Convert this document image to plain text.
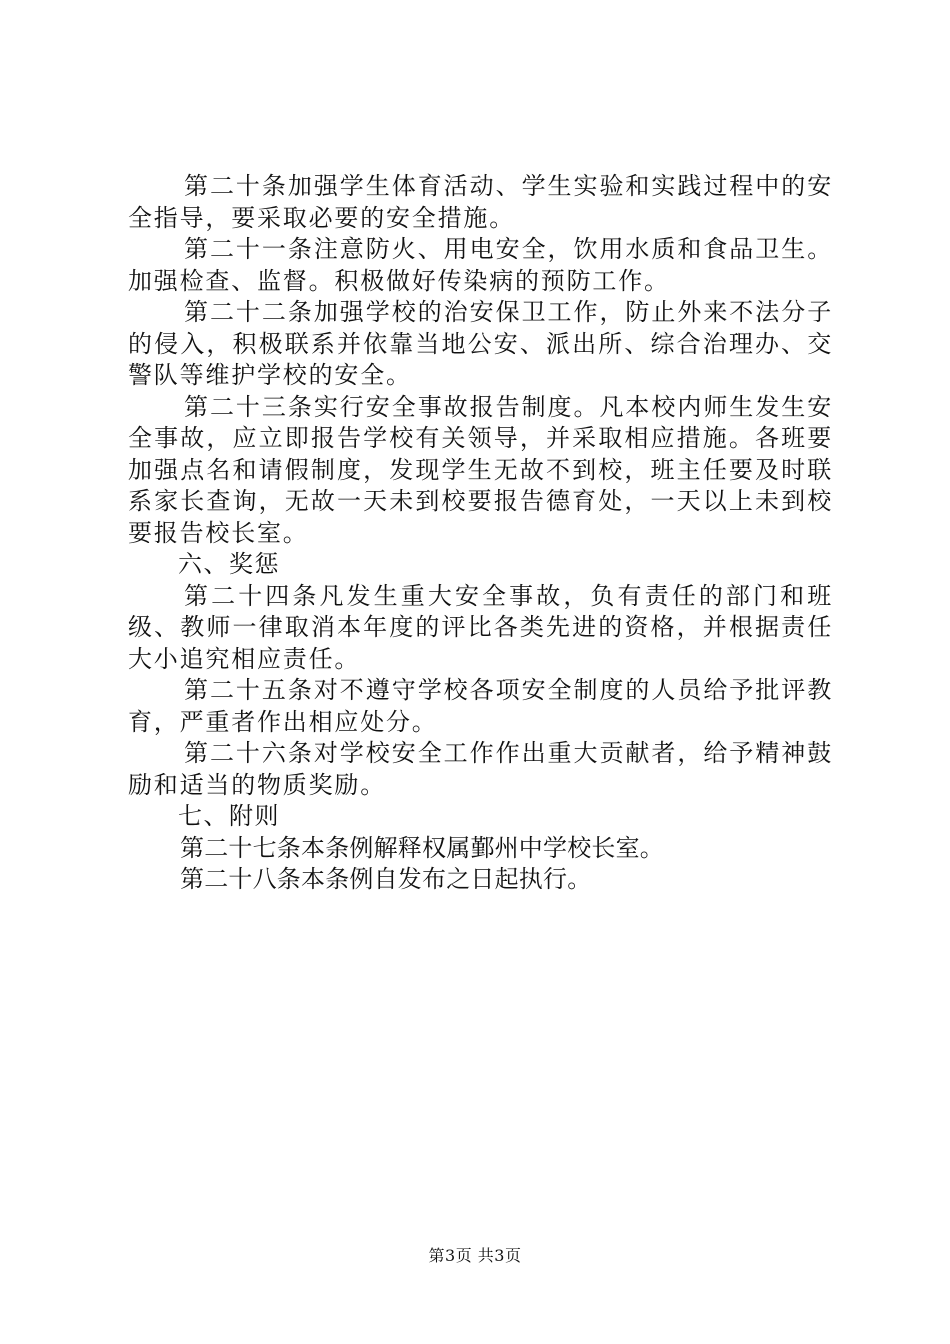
第二十条加强学生体育活动、学生实验和实践过程中的安全指导，要采取必要的安全措施。

第二十一条注意防火、用电安全，饮用水质和食品卫生。加强检查、监督。积极做好传染病的预防工作。

第二十二条加强学校的治安保卫工作，防止外来不法分子的侵入，积极联系并依靠当地公安、派出所、综合治理办、交警队等维护学校的安全。

第二十三条实行安全事故报告制度。凡本校内师生发生安全事故，应立即报告学校有关领导，并采取相应措施。各班要加强点名和请假制度，发现学生无故不到校，班主任要及时联系家长查询，无故一天未到校要报告德育处，一天以上未到校要报告校长室。

六、奖惩

第二十四条凡发生重大安全事故，负有责任的部门和班级、教师一律取消本年度的评比各类先进的资格，并根据责任大小追究相应责任。

第二十五条对不遵守学校各项安全制度的人员给予批评教育，严重者作出相应处分。

第二十六条对学校安全工作作出重大贡献者，给予精神鼓励和适当的物质奖励。

七、附则

第二十七条本条例解释权属鄞州中学校长室。

第二十八条本条例自发布之日起执行。

第3页 共3页
